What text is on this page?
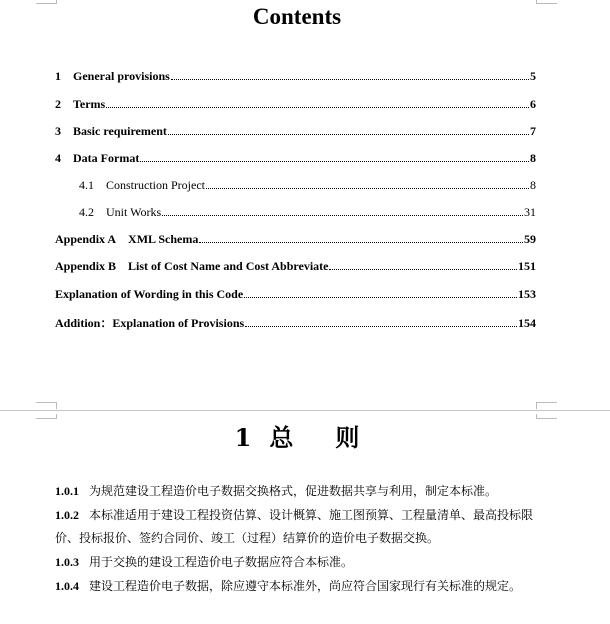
Contents
1	General provisions	5
2	Terms	6
3	Basic requirement	7
4	Data Format	8
4.1	Construction Project	8
4.2	Unit Works	31
Appendix A    XML Schema	59
Appendix B    List of Cost Name and Cost Abbreviate	151
Explanation of Wording in this Code	153
Addition：Explanation of Provisions	154
1 总 则
1.0.1 为规范建设工程造价电子数据交换格式，促进数据共享与利用，制定本标准。
1.0.2 本标准适用于建设工程投资估算、设计概算、施工图预算、工程量清单、最高投标限价、投标报价、签约合同价、竣工（过程）结算价的造价电子数据交换。
1.0.3 用于交换的建设工程造价电子数据应符合本标准。
1.0.4 建设工程造价电子数据，除应遵守本标准外，尚应符合国家现行有关标准的规定。
